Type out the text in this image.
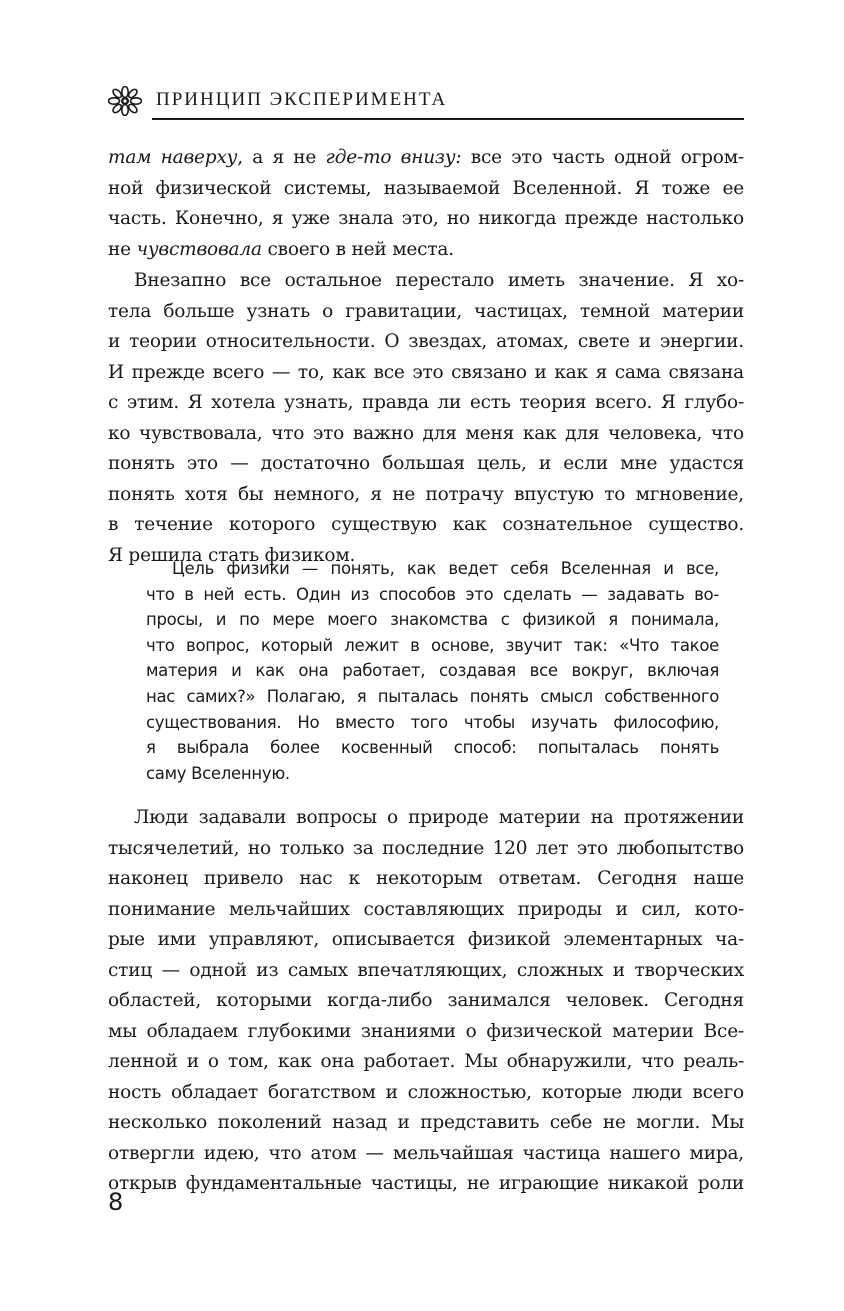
ПРИНЦИП ЭКСПЕРИМЕНТА
там наверху, а я не где-то внизу: все это часть одной огром-
ной физической системы, называемой Вселенной. Я тоже ее
часть. Конечно, я уже знала это, но никогда прежде настолько
не чувствовала своего в ней места.
Внезапно все остальное перестало иметь значение. Я хо-
тела больше узнать о гравитации, частицах, темной материи
и теории относительности. О звездах, атомах, свете и энергии.
И прежде всего — то, как все это связано и как я сама связана
с этим. Я хотела узнать, правда ли есть теория всего. Я глубо-
ко чувствовала, что это важно для меня как для человека, что
понять это — достаточно большая цель, и если мне удастся
понять хотя бы немного, я не потрачу впустую то мгновение,
в течение которого существую как сознательное существо.
Я решила стать физиком.
Цель физики — понять, как ведет себя Вселенная и все,
что в ней есть. Один из способов это сделать — задавать во-
просы, и по мере моего знакомства с физикой я понимала,
что вопрос, который лежит в основе, звучит так: «Что такое
материя и как она работает, создавая все вокруг, включая
нас самих?» Полагаю, я пыталась понять смысл собственного
существования. Но вместо того чтобы изучать философию,
я выбрала более косвенный способ: попыталась понять
саму Вселенную.
Люди задавали вопросы о природе материи на протяжении
тысячелетий, но только за последние 120 лет это любопытство
наконец привело нас к некоторым ответам. Сегодня наше
понимание мельчайших составляющих природы и сил, кото-
рые ими управляют, описывается физикой элементарных ча-
стиц — одной из самых впечатляющих, сложных и творческих
областей, которыми когда-либо занимался человек. Сегодня
мы обладаем глубокими знаниями о физической материи Все-
ленной и о том, как она работает. Мы обнаружили, что реаль-
ность обладает богатством и сложностью, которые люди всего
несколько поколений назад и представить себе не могли. Мы
отвергли идею, что атом — мельчайшая частица нашего мира,
открыв фундаментальные частицы, не играющие никакой роли
8
